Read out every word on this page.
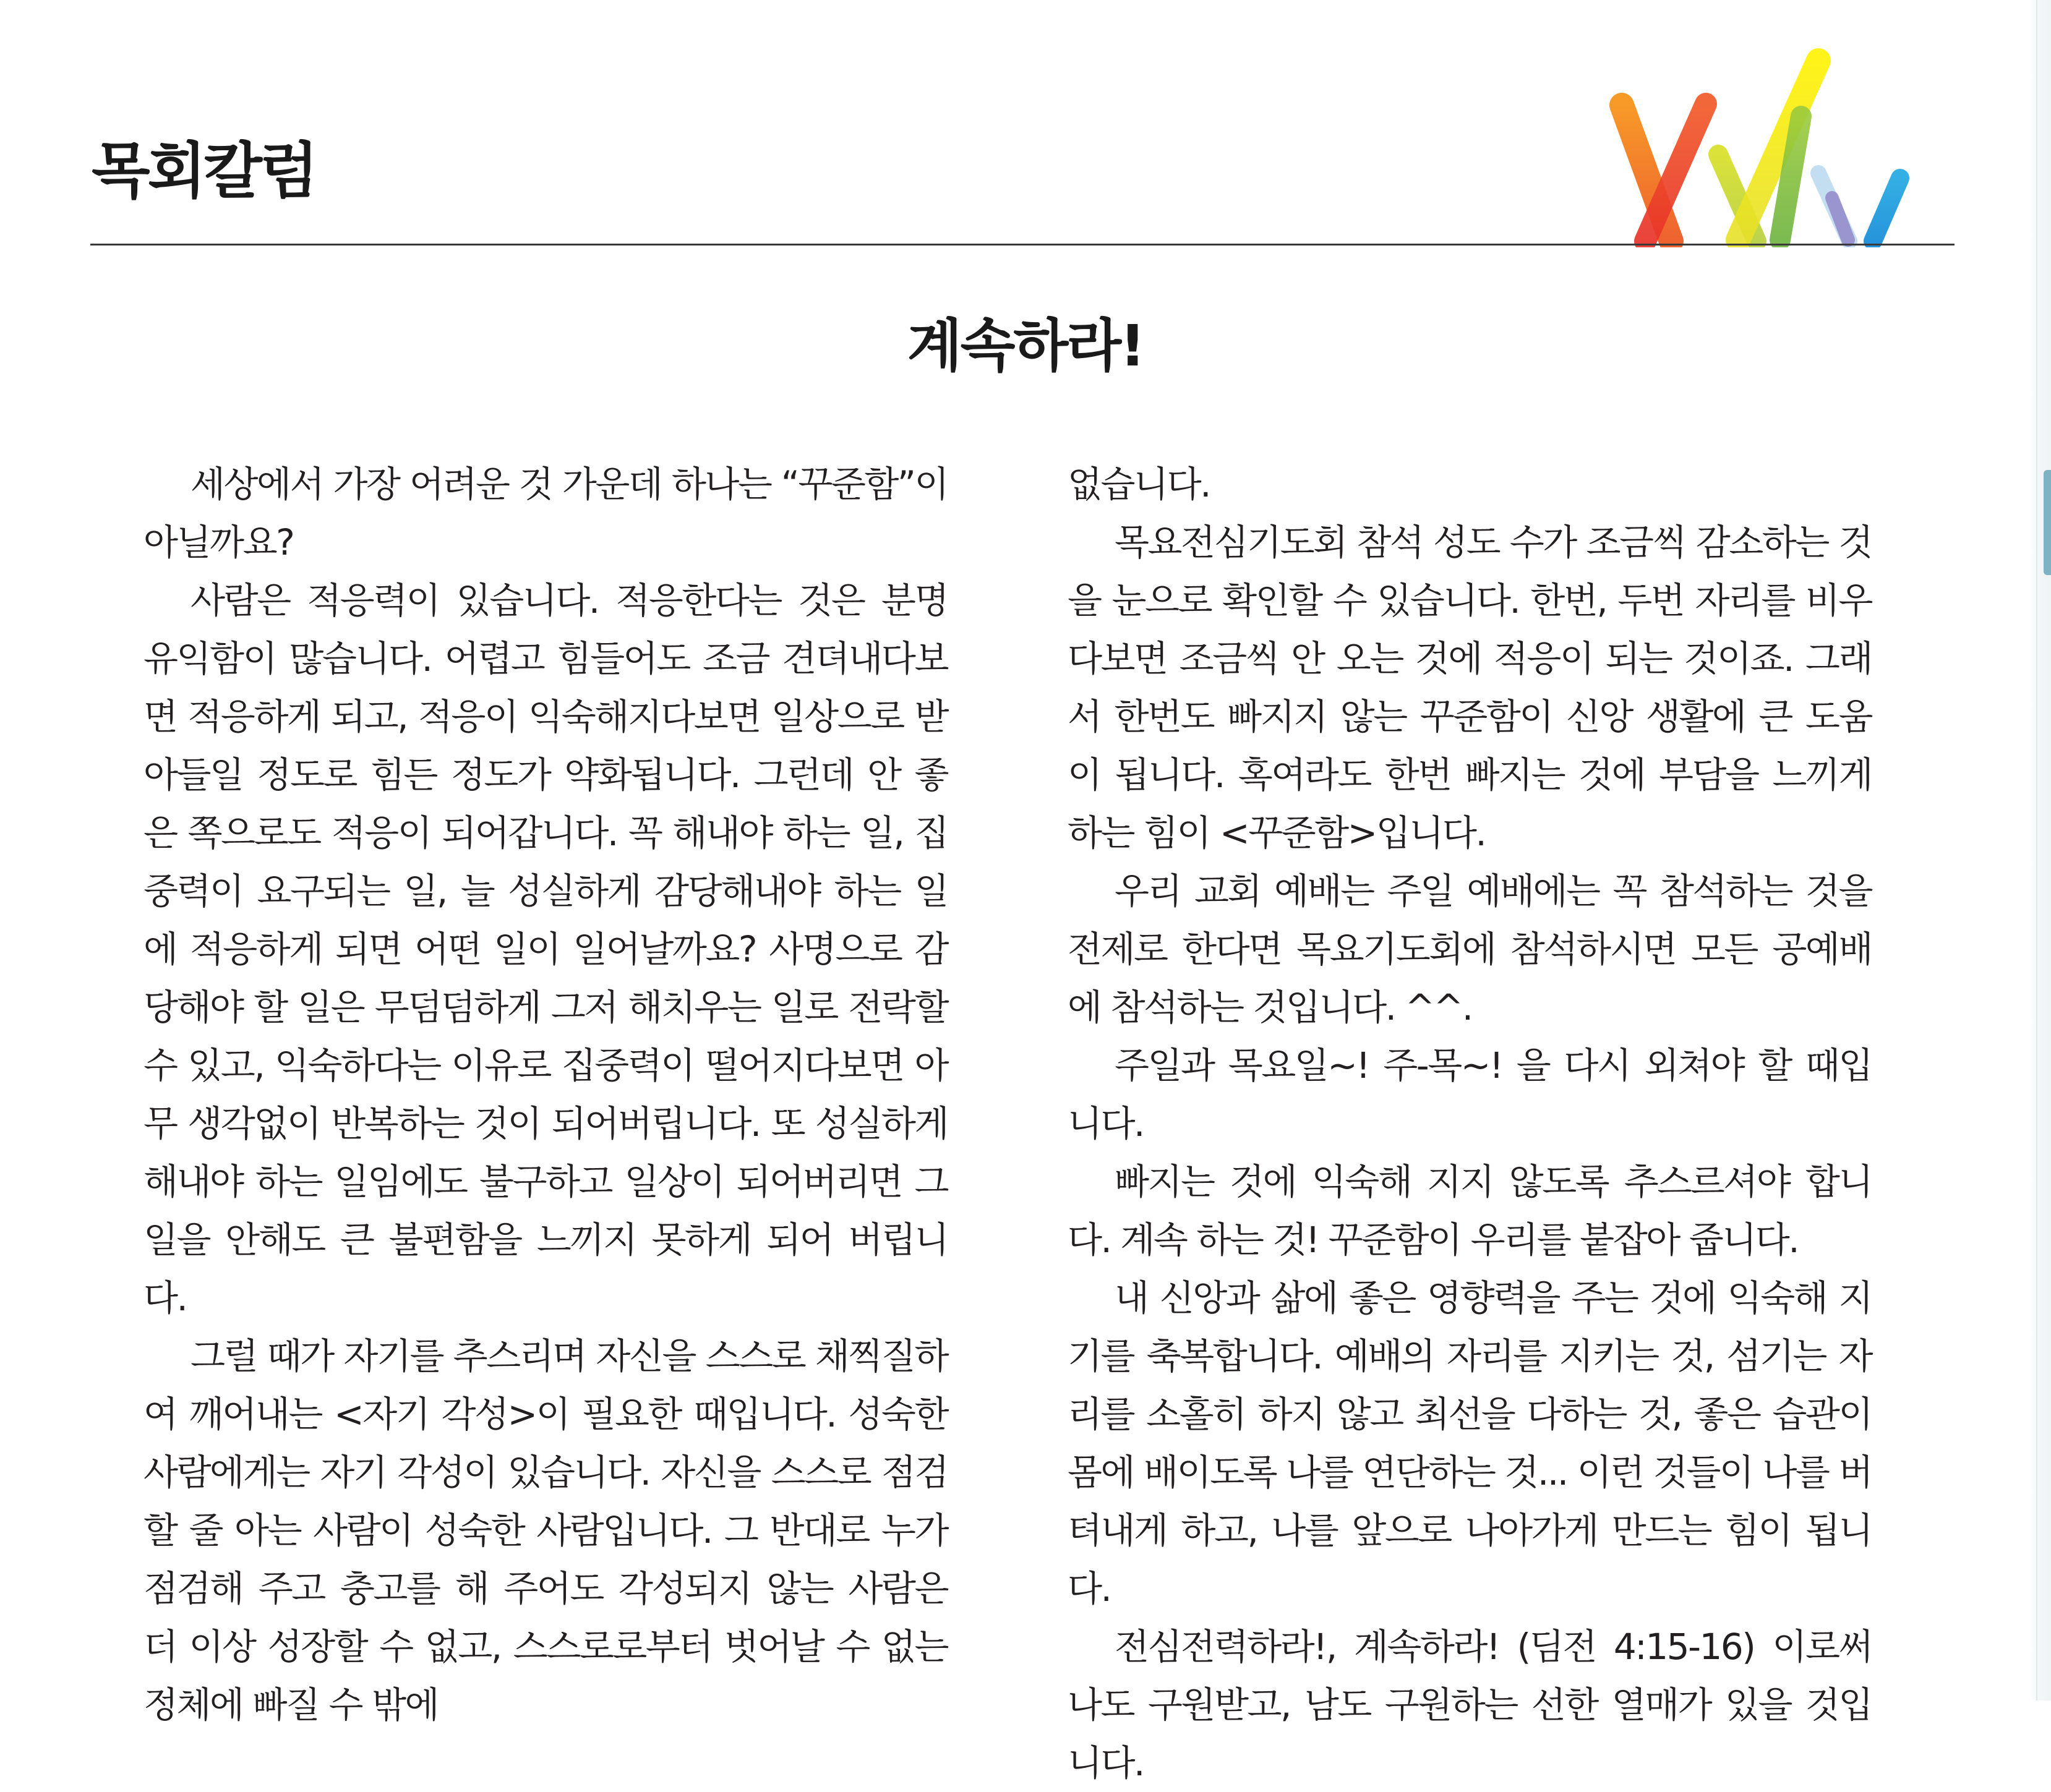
목회칼럼
계속하라!

세상에서 가장 어려운 것 가운데 하나는 “꾸준함”이 아닐까요?

사람은 적응력이 있습니다. 적응한다는 것은 분명 유익함이 많습니다. 어렵고 힘들어도 조금 견뎌내다보면 적응하게 되고, 적응이 익숙해지다보면 일상으로 받아들일 정도로 힘든 정도가 약화됩니다. 그런데 안 좋은 쪽으로도 적응이 되어갑니다. 꼭 해내야 하는 일, 집중력이 요구되는 일, 늘 성실하게 감당해내야 하는 일에 적응하게 되면 어떤 일이 일어날까요? 사명으로 감당해야 할 일은 무덤덤하게 그저 해치우는 일로 전락할 수 있고, 익숙하다는 이유로 집중력이 떨어지다보면 아무 생각없이 반복하는 것이 되어버립니다. 또 성실하게 해내야 하는 일임에도 불구하고 일상이 되어버리면 그 일을 안해도 큰 불편함을 느끼지 못하게 되어 버립니다.

그럴 때가 자기를 추스리며 자신을 스스로 채찍질하여 깨어내는 <자기 각성>이 필요한 때입니다. 성숙한 사람에게는 자기 각성이 있습니다. 자신을 스스로 점검할 줄 아는 사람이 성숙한 사람입니다. 그 반대로 누가 점검해 주고 충고를 해 주어도 각성되지 않는 사람은 더 이상 성장할 수 없고, 스스로로부터 벗어날 수 없는 정체에 빠질 수 밖에

없습니다.

목요전심기도회 참석 성도 수가 조금씩 감소하는 것을 눈으로 확인할 수 있습니다. 한번, 두번 자리를 비우다보면 조금씩 안 오는 것에 적응이 되는 것이죠. 그래서 한번도 빠지지 않는 꾸준함이 신앙 생활에 큰 도움이 됩니다. 혹여라도 한번 빠지는 것에 부담을 느끼게 하는 힘이 <꾸준함>입니다.

우리 교회 예배는 주일 예배에는 꼭 참석하는 것을 전제로 한다면 목요기도회에 참석하시면 모든 공예배에 참석하는 것입니다. ^^.

주일과 목요일~! 주-목~! 을 다시 외쳐야 할 때입니다.

빠지는 것에 익숙해 지지 않도록 추스르셔야 합니다. 계속 하는 것! 꾸준함이 우리를 붙잡아 줍니다.

내 신앙과 삶에 좋은 영향력을 주는 것에 익숙해 지기를 축복합니다. 예배의 자리를 지키는 것, 섬기는 자리를 소홀히 하지 않고 최선을 다하는 것, 좋은 습관이 몸에 배이도록 나를 연단하는 것... 이런 것들이 나를 버텨내게 하고, 나를 앞으로 나아가게 만드는 힘이 됩니다.

전심전력하라!, 계속하라! (딤전 4:15-16) 이로써 나도 구원받고, 남도 구원하는 선한 열매가 있을 것입니다.
